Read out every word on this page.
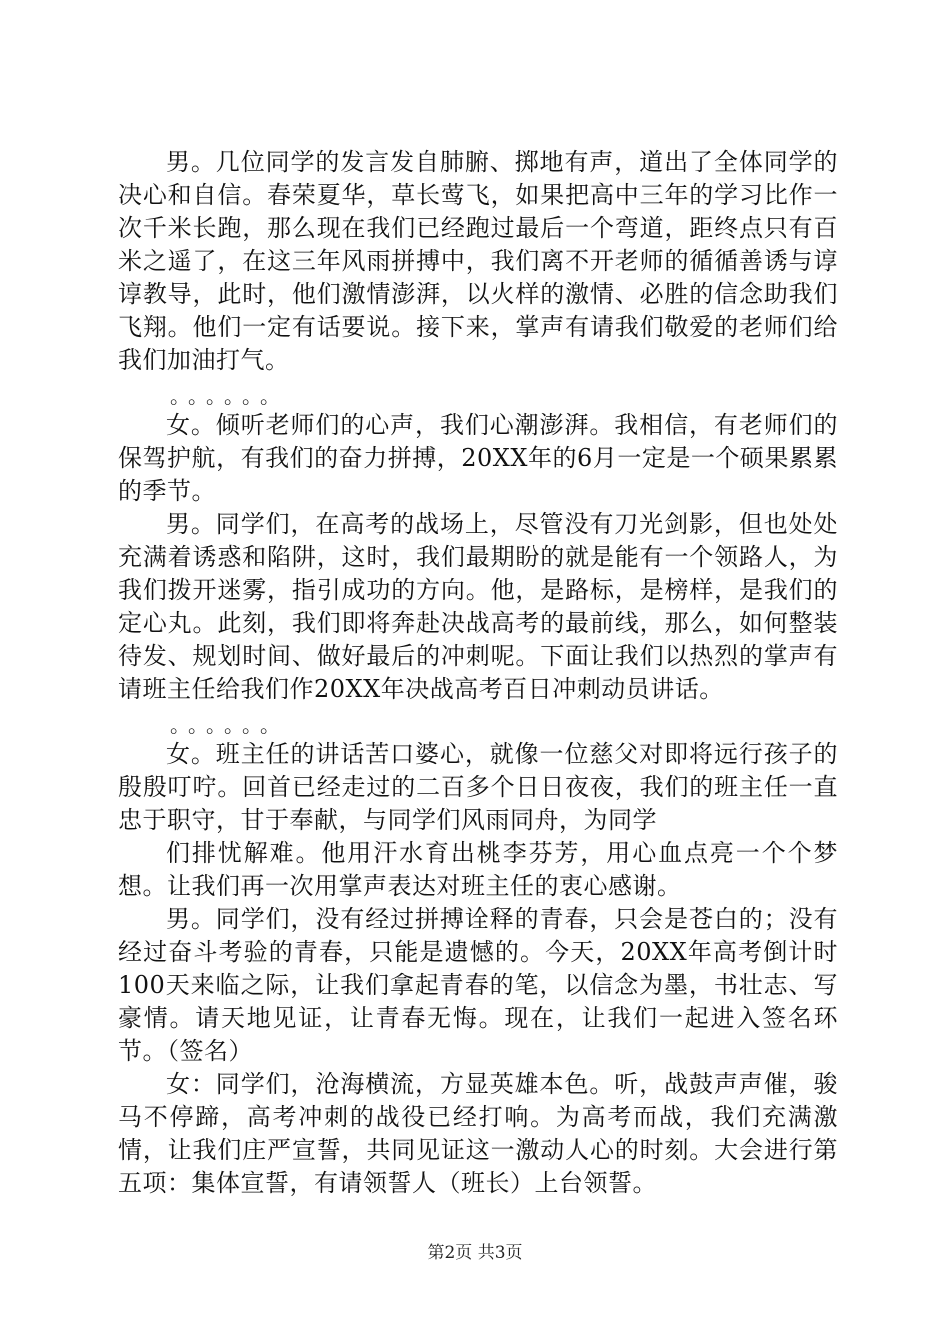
男。几位同学的发言发自肺腑、掷地有声，道出了全体同学的决心和自信。春荣夏华，草长莺飞，如果把高中三年的学习比作一次千米长跑，那么现在我们已经跑过最后一个弯道，距终点只有百米之遥了，在这三年风雨拼搏中，我们离不开老师的循循善诱与谆谆教导，此时，他们激情澎湃，以火样的激情、必胜的信念助我们飞翔。他们一定有话要说。接下来，掌声有请我们敬爱的老师们给我们加油打气。

。。。。。。

女。倾听老师们的心声，我们心潮澎湃。我相信，有老师们的保驾护航，有我们的奋力拼搏，20XX年的6月一定是一个硕果累累的季节。

男。同学们，在高考的战场上，尽管没有刀光剑影，但也处处充满着诱惑和陷阱，这时，我们最期盼的就是能有一个领路人，为我们拨开迷雾，指引成功的方向。他，是路标，是榜样，是我们的定心丸。此刻，我们即将奔赴决战高考的最前线，那么，如何整装待发、规划时间、做好最后的冲刺呢。下面让我们以热烈的掌声有请班主任给我们作20XX年决战高考百日冲刺动员讲话。

。。。。。。

女。班主任的讲话苦口婆心，就像一位慈父对即将远行孩子的殷殷叮咛。回首已经走过的二百多个日日夜夜，我们的班主任一直忠于职守，甘于奉献，与同学们风雨同舟，为同学

们排忧解难。他用汗水育出桃李芬芳，用心血点亮一个个梦想。让我们再一次用掌声表达对班主任的衷心感谢。

男。同学们，没有经过拼搏诠释的青春，只会是苍白的；没有经过奋斗考验的青春，只能是遗憾的。今天，20XX年高考倒计时100天来临之际，让我们拿起青春的笔，以信念为墨，书壮志、写豪情。请天地见证，让青春无悔。现在，让我们一起进入签名环节。（签名）

女：同学们，沧海横流，方显英雄本色。听，战鼓声声催，骏马不停蹄，高考冲刺的战役已经打响。为高考而战，我们充满激情，让我们庄严宣誓，共同见证这一激动人心的时刻。大会进行第五项：集体宣誓，有请领誓人（班长）上台领誓。

第2页 共3页
